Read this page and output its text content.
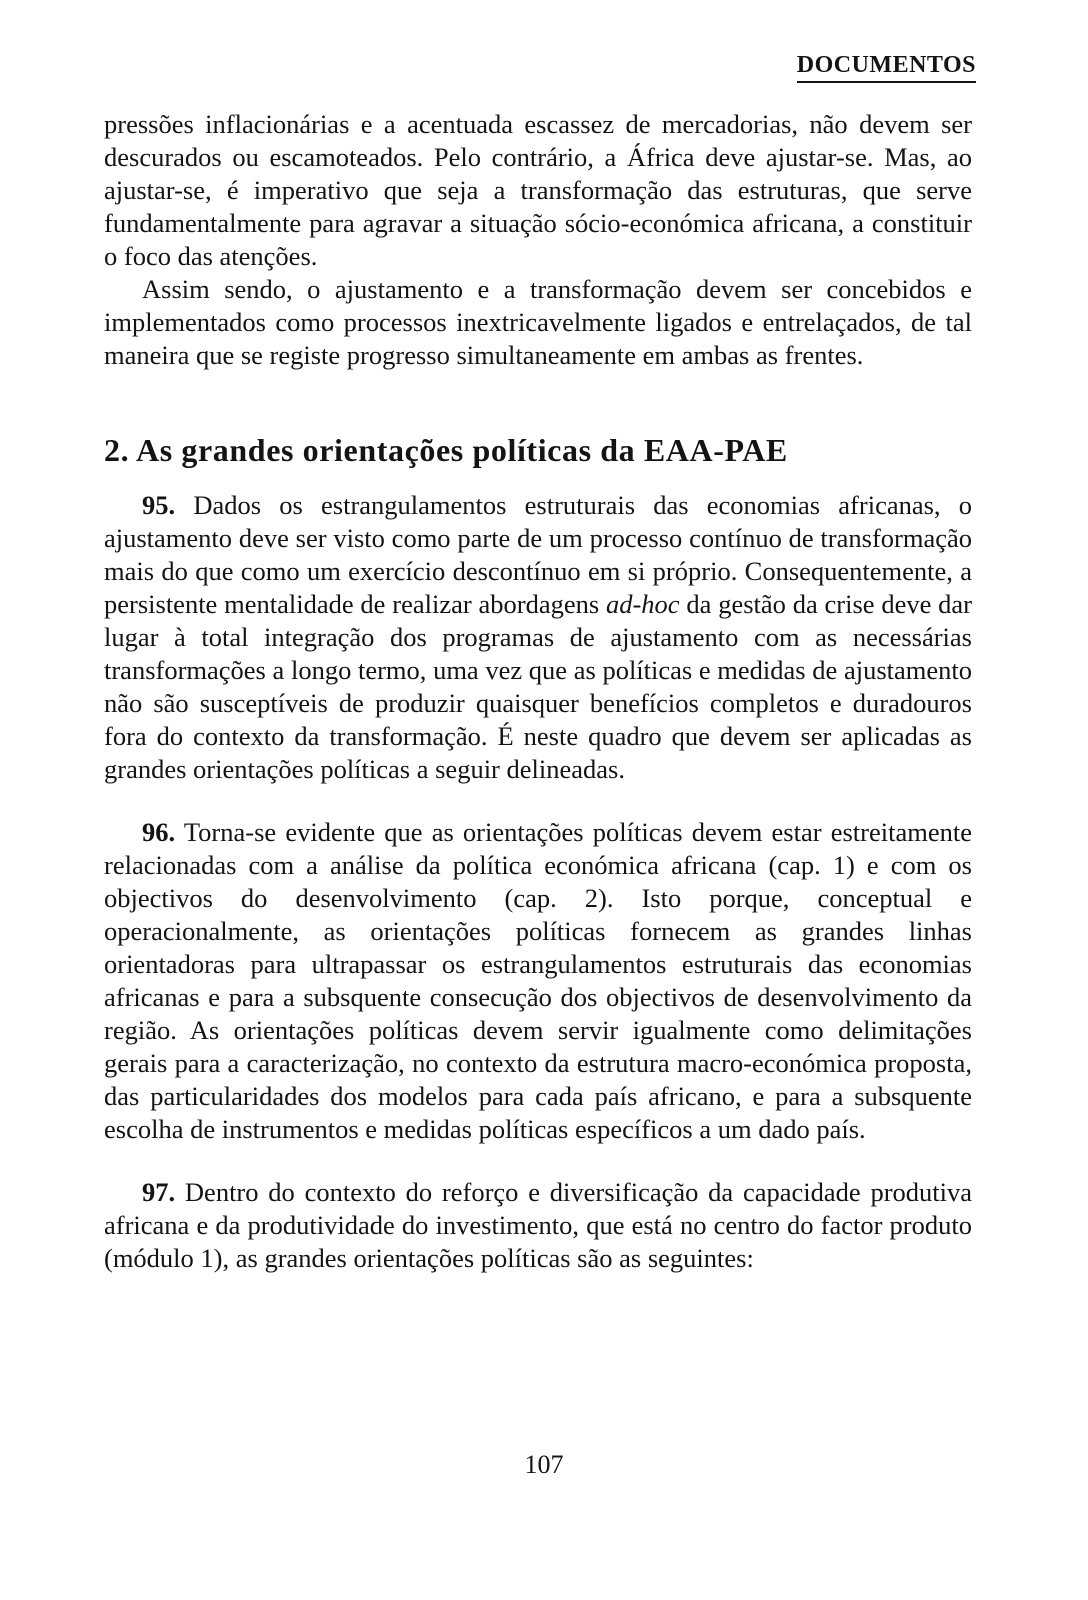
DOCUMENTOS

pressões inflacionárias e a acentuada escassez de mercadorias, não devem ser descurados ou escamoteados. Pelo contrário, a África deve ajustar-se. Mas, ao ajustar-se, é imperativo que seja a transformação das estruturas, que serve fundamentalmente para agravar a situação sócio-económica africana, a constituir o foco das atenções.

Assim sendo, o ajustamento e a transformação devem ser concebidos e implementados como processos inextricavelmente ligados e entrelaçados, de tal maneira que se registe progresso simultaneamente em ambas as frentes.

2. As grandes orientações políticas da EAA-PAE

95. Dados os estrangulamentos estruturais das economias africanas, o ajustamento deve ser visto como parte de um processo contínuo de transformação mais do que como um exercício descontínuo em si próprio. Consequentemente, a persistente mentalidade de realizar abordagens ad-hoc da gestão da crise deve dar lugar à total integração dos programas de ajustamento com as necessárias transformações a longo termo, uma vez que as políticas e medidas de ajustamento não são susceptíveis de produzir quaisquer benefícios completos e duradouros fora do contexto da transformação. É neste quadro que devem ser aplicadas as grandes orientações políticas a seguir delineadas.

96. Torna-se evidente que as orientações políticas devem estar estreitamente relacionadas com a análise da política económica africana (cap. 1) e com os objectivos do desenvolvimento (cap. 2). Isto porque, conceptual e operacionalmente, as orientações políticas fornecem as grandes linhas orientadoras para ultrapassar os estrangulamentos estruturais das economias africanas e para a subsquente consecução dos objectivos de desenvolvimento da região. As orientações políticas devem servir igualmente como delimitações gerais para a caracterização, no contexto da estrutura macro-económica proposta, das particularidades dos modelos para cada país africano, e para a subsquente escolha de instrumentos e medidas políticas específicos a um dado país.

97. Dentro do contexto do reforço e diversificação da capacidade produtiva africana e da produtividade do investimento, que está no centro do factor produto (módulo 1), as grandes orientações políticas são as seguintes:

107
